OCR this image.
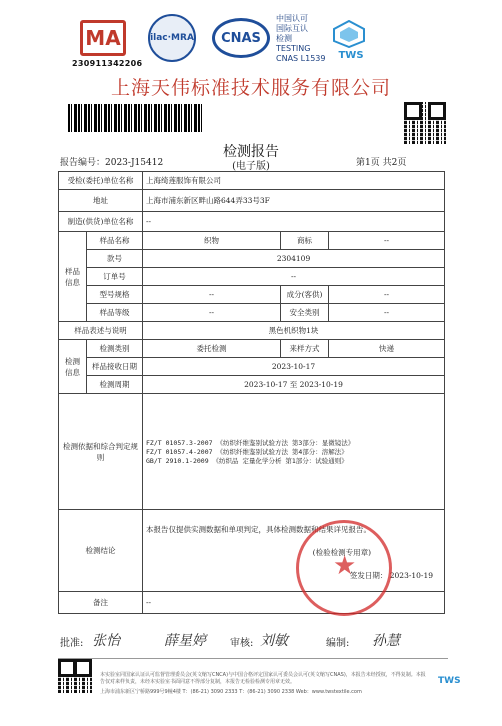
MA
230911342206
ilac·MRA	CNAS
中国认可
国际互认
检测
TESTING
CNAS L1539	TWS
上海天伟标准技术服务有限公司
检测报告
(电子版)
报告编号：2023-J15412	第1页 共2页
受检(委托)单位名称		上海绮莲服饰有限公司		
地址		上海市浦东新区畔山路644弄33号3F		
制造(供货)单位名称		--		
样品信息	样品名称	织物	商标	--
	款号	2304109		
	订单号	--		
	型号规格	--	成分(客供)	--
	样品等级	--	安全类别	--
样品表述与说明		黑色机织物1块		
检测信息	检测类别	委托检测	来样方式	快递
	样品接收日期	2023-10-17		
	检测周期	2023-10-17 至 2023-10-19		
检测依据和综合判定规则		FZ/T 01057.3-2007 《纺织纤维鉴别试验方法 第3部分：显微镜法》
FZ/T 01057.4-2007 《纺织纤维鉴别试验方法 第4部分：溶解法》
GB/T 2910.1-2009 《纺织品 定量化学分析 第1部分：试验通则》		

检测结论		本报告仅提供实测数据和单项判定，具体检测数据和结果详见报告。
(检验检测专用章)
签发日期： 2023-10-19		

备注		--		
★
批准: 张怡	薛星婷 审核: 刘敏	编制: 孙慧
本实验室同国家认证认可监督管理委员会(英文缩写CNCA)与中国合格评定国家认可委员会认可(英文缩写CNAS)，本报告未经授权，不得复制。本报告仅对来样负责，未经本实验室书面同意不得部分复制，本报告无检验检测专用章无效。
上海市浦东新区宁桥路999号9幢4楼 T：(86-21) 3090 2333 T：(86-21) 3090 2338 Web：www.twstextile.com
TWS
